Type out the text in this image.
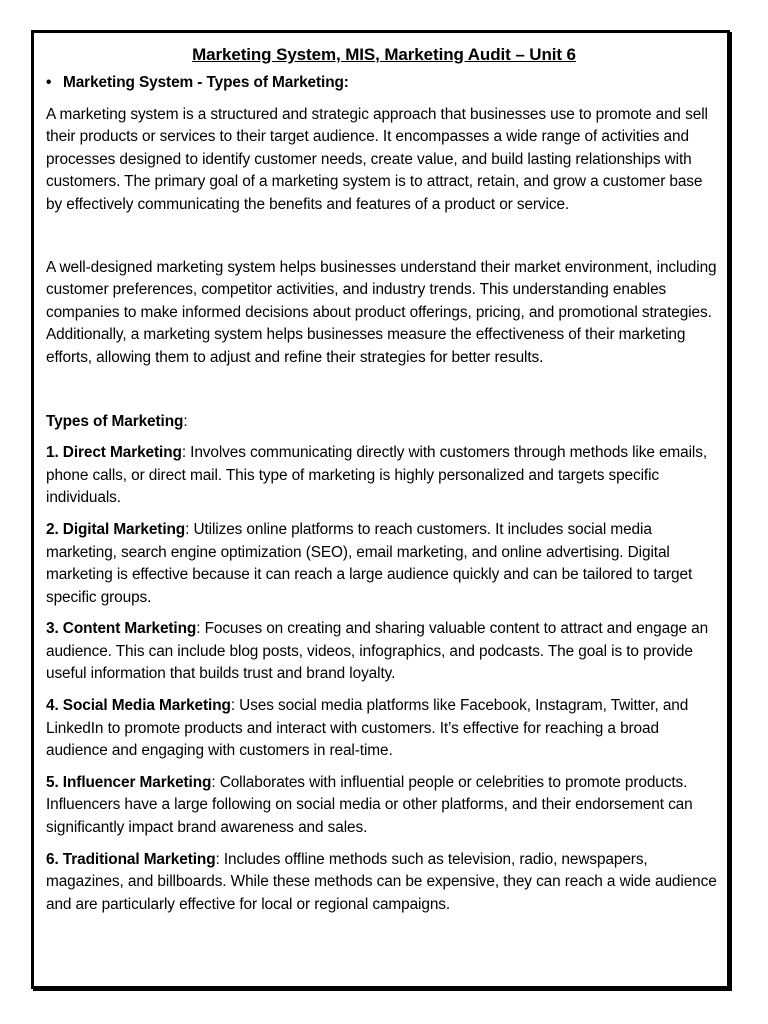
Marketing System, MIS, Marketing Audit – Unit 6
• Marketing System - Types of Marketing:

A marketing system is a structured and strategic approach that businesses use to promote and sell their products or services to their target audience. It encompasses a wide range of activities and processes designed to identify customer needs, create value, and build lasting relationships with customers. The primary goal of a marketing system is to attract, retain, and grow a customer base by effectively communicating the benefits and features of a product or service.

A well-designed marketing system helps businesses understand their market environment, including customer preferences, competitor activities, and industry trends. This understanding enables companies to make informed decisions about product offerings, pricing, and promotional strategies. Additionally, a marketing system helps businesses measure the effectiveness of their marketing efforts, allowing them to adjust and refine their strategies for better results.

Types of Marketing:

1. Direct Marketing: Involves communicating directly with customers through methods like emails, phone calls, or direct mail. This type of marketing is highly personalized and targets specific individuals.

2. Digital Marketing: Utilizes online platforms to reach customers. It includes social media marketing, search engine optimization (SEO), email marketing, and online advertising. Digital marketing is effective because it can reach a large audience quickly and can be tailored to target specific groups.

3. Content Marketing: Focuses on creating and sharing valuable content to attract and engage an audience. This can include blog posts, videos, infographics, and podcasts. The goal is to provide useful information that builds trust and brand loyalty.

4. Social Media Marketing: Uses social media platforms like Facebook, Instagram, Twitter, and LinkedIn to promote products and interact with customers. It’s effective for reaching a broad audience and engaging with customers in real-time.

5. Influencer Marketing: Collaborates with influential people or celebrities to promote products. Influencers have a large following on social media or other platforms, and their endorsement can significantly impact brand awareness and sales.

6. Traditional Marketing: Includes offline methods such as television, radio, newspapers, magazines, and billboards. While these methods can be expensive, they can reach a wide audience and are particularly effective for local or regional campaigns.
